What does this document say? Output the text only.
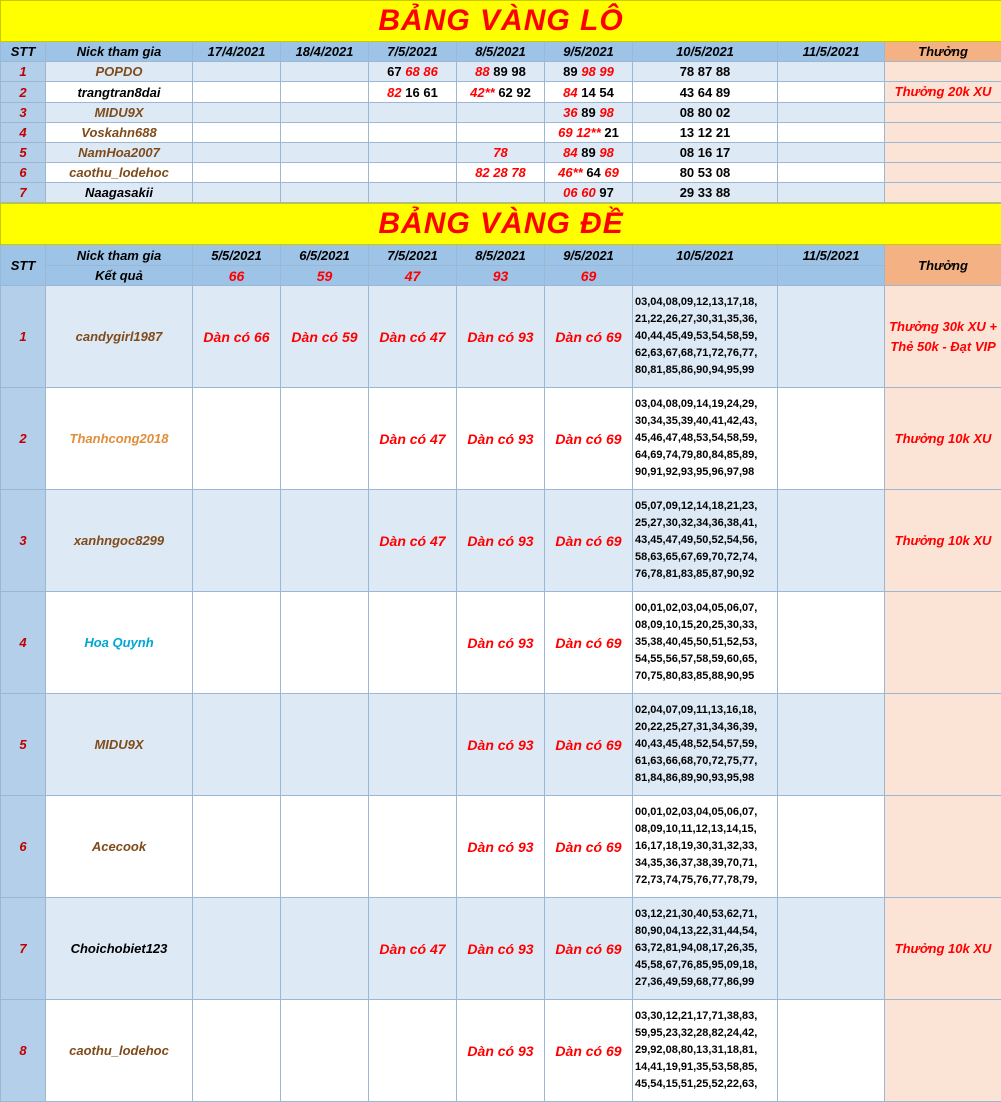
BẢNG VÀNG LÔ									
STT	Nick tham gia	17/4/2021	18/4/2021	7/5/2021	8/5/2021	9/5/2021	10/5/2021	11/5/2021	Thưởng
1	POPDO			67 68 86	88 89 98	89 98 99	78 87 88		
2	trangtran8dai			82 16 61	42** 62 92	84 14 54	43 64 89		Thưởng 20k XU
3	MIDU9X					36 89 98	08 80 02		
4	Voskahn688					69 12** 21	13 12 21		
5	NamHoa2007				78	84 89 98	08 16 17		
6	caothu_lodehoc				82 28 78	46** 64 69	80 53 08		
7	Naagasakii					06 60 97	29 33 88		
BẢNG VÀNG ĐỀ									
STT	Nick tham gia	5/5/2021	6/5/2021	7/5/2021	8/5/2021	9/5/2021	10/5/2021	11/5/2021	Thưởng
	Kết quả	66	59	47	93	69			
1	candygirl1987	Dàn có 66	Dàn có 59	Dàn có 47	Dàn có 93	Dàn có 69	03,04,08,09,12,13,17,18, 21,22,26,27,30,31,35,36, 40,44,45,49,53,54,58,59, 62,63,67,68,71,72,76,77, 80,81,85,86,90,94,95,99		Thưởng 30k XU + Thẻ 50k - Đạt VIP
2	Thanhcong2018			Dàn có 47	Dàn có 93	Dàn có 69	03,04,08,09,14,19,24,29, 30,34,35,39,40,41,42,43, 45,46,47,48,53,54,58,59, 64,69,74,79,80,84,85,89, 90,91,92,93,95,96,97,98		Thưởng 10k XU
3	xanhngoc8299			Dàn có 47	Dàn có 93	Dàn có 69	05,07,09,12,14,18,21,23, 25,27,30,32,34,36,38,41, 43,45,47,49,50,52,54,56, 58,63,65,67,69,70,72,74, 76,78,81,83,85,87,90,92		Thưởng 10k XU
4	Hoa Quynh				Dàn có 93	Dàn có 69	00,01,02,03,04,05,06,07, 08,09,10,15,20,25,30,33, 35,38,40,45,50,51,52,53, 54,55,56,57,58,59,60,65, 70,75,80,83,85,88,90,95		
5	MIDU9X				Dàn có 93	Dàn có 69	02,04,07,09,11,13,16,18, 20,22,25,27,31,34,36,39, 40,43,45,48,52,54,57,59, 61,63,66,68,70,72,75,77, 81,84,86,89,90,93,95,98		
6	Acecook				Dàn có 93	Dàn có 69	00,01,02,03,04,05,06,07, 08,09,10,11,12,13,14,15, 16,17,18,19,30,31,32,33, 34,35,36,37,38,39,70,71, 72,73,74,75,76,77,78,79,		
7	Choichobiet123			Dàn có 47	Dàn có 93	Dàn có 69	03,12,21,30,40,53,62,71, 80,90,04,13,22,31,44,54, 63,72,81,94,08,17,26,35, 45,58,67,76,85,95,09,18, 27,36,49,59,68,77,86,99		Thưởng 10k XU
8	caothu_lodehoc				Dàn có 93	Dàn có 69	03,30,12,21,17,71,38,83, 59,95,23,32,28,82,24,42, 29,92,08,80,13,31,18,81, 14,41,19,91,35,53,58,85, 45,54,15,51,25,52,22,63,		
